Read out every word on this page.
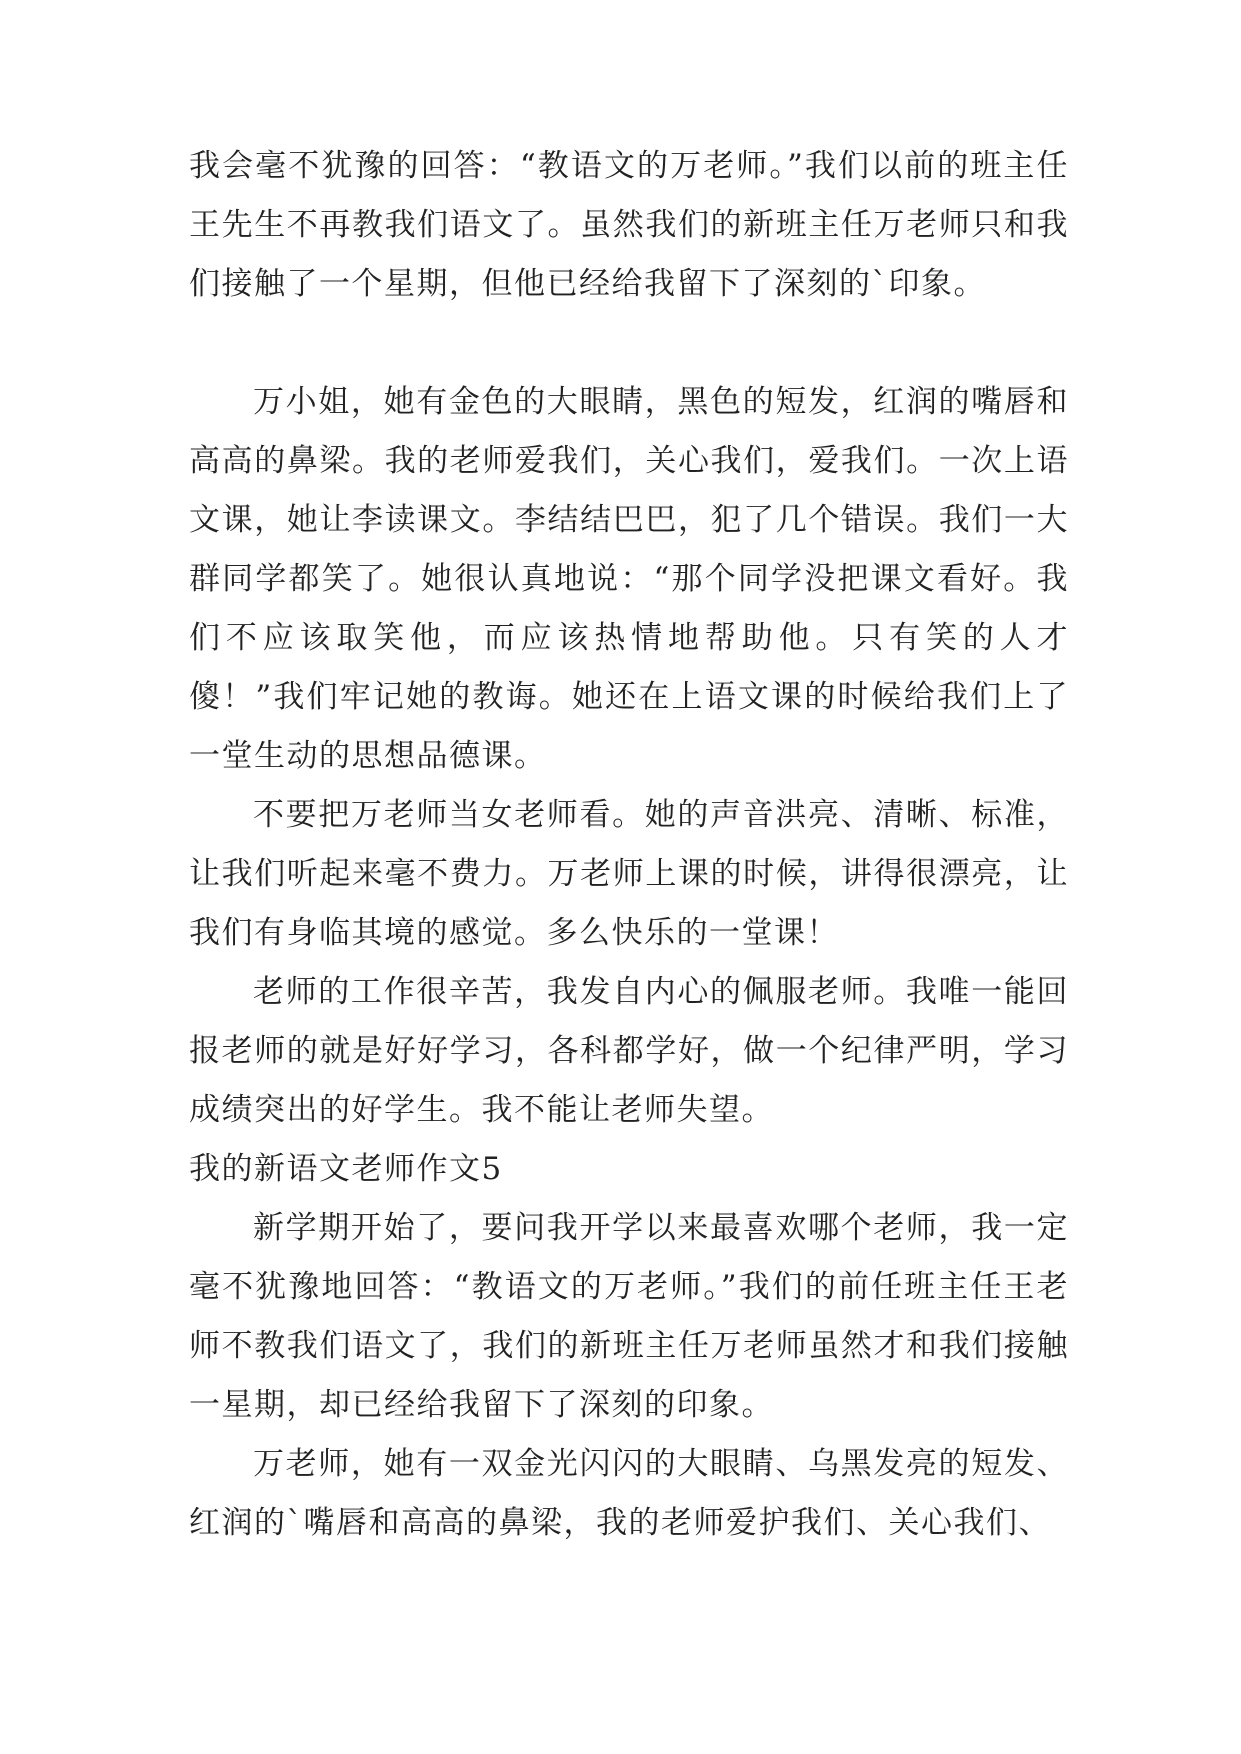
我会毫不犹豫的回答：“教语文的万老师。”我们以前的班主任王先生不再教我们语文了。虽然我们的新班主任万老师只和我们接触了一个星期，但他已经给我留下了深刻的`印象。

万小姐，她有金色的大眼睛，黑色的短发，红润的嘴唇和高高的鼻梁。我的老师爱我们，关心我们，爱我们。一次上语文课，她让李读课文。李结结巴巴，犯了几个错误。我们一大群同学都笑了。她很认真地说：“那个同学没把课文看好。我们不应该取笑他，而应该热情地帮助他。只有笑的人才傻！”我们牢记她的教诲。她还在上语文课的时候给我们上了一堂生动的思想品德课。

不要把万老师当女老师看。她的声音洪亮、清晰、标准，让我们听起来毫不费力。万老师上课的时候，讲得很漂亮，让我们有身临其境的感觉。多么快乐的一堂课！

老师的工作很辛苦，我发自内心的佩服老师。我唯一能回报老师的就是好好学习，各科都学好，做一个纪律严明，学习成绩突出的好学生。我不能让老师失望。

我的新语文老师作文5

新学期开始了，要问我开学以来最喜欢哪个老师，我一定毫不犹豫地回答：“教语文的万老师。”我们的前任班主任王老师不教我们语文了，我们的新班主任万老师虽然才和我们接触一星期，却已经给我留下了深刻的印象。

万老师，她有一双金光闪闪的大眼睛、乌黑发亮的短发、红润的`嘴唇和高高的鼻梁，我的老师爱护我们、关心我们、
